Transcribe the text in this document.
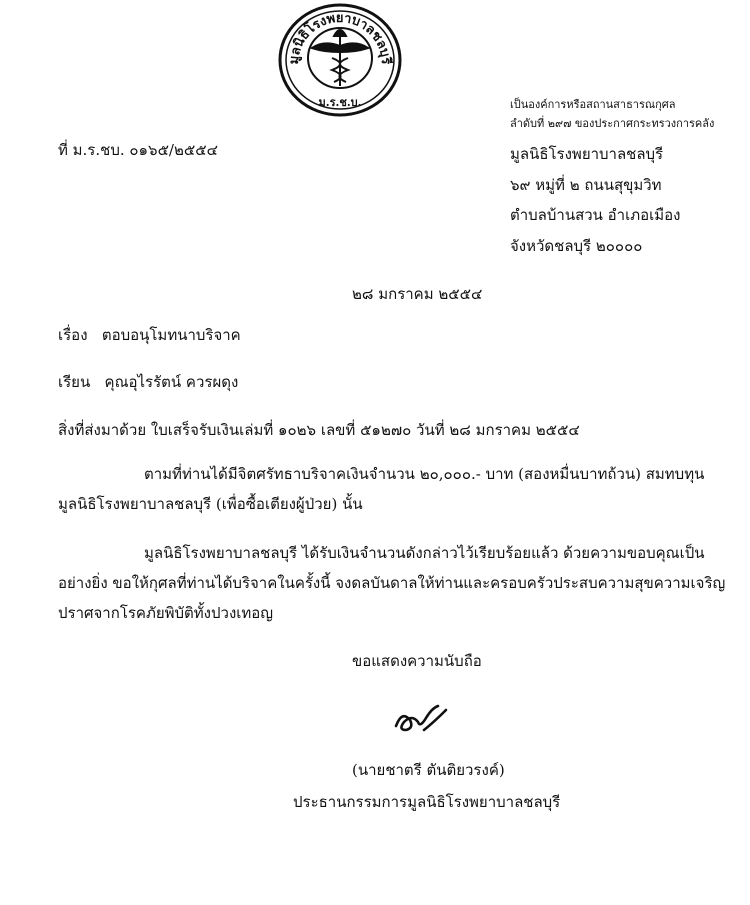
มูลนิธิโรงพยาบาลชลบุรี
ม.ร.ช.บ.	เป็นองค์การหรือสถานสาธารณกุศล
ลำดับที่ ๒๙๗ ของประกาศกระทรวงการคลัง
ที่ ม.ร.ชบ. ๐๑๖๕/๒๕๕๔	มูลนิธิโรงพยาบาลชลบุรี
๖๙ หมู่ที่ ๒ ถนนสุขุมวิท
ตำบลบ้านสวน อำเภอเมือง
จังหวัดชลบุรี ๒๐๐๐๐
๒๘ มกราคม ๒๕๕๔
เรื่อง ตอบอนุโมทนาบริจาค
เรียน คุณอุไรรัตน์ ควรผดุง
สิ่งที่ส่งมาด้วย ใบเสร็จรับเงินเล่มที่ ๑๐๒๖ เลขที่ ๕๑๒๗๐ วันที่ ๒๘ มกราคม ๒๕๕๔
ตามที่ท่านได้มีจิตศรัทธาบริจาคเงินจำนวน ๒๐,๐๐๐.- บาท (สองหมื่นบาทถ้วน) สมทบทุน
มูลนิธิโรงพยาบาลชลบุรี (เพื่อซื้อเตียงผู้ป่วย) นั้น
มูลนิธิโรงพยาบาลชลบุรี ได้รับเงินจำนวนดังกล่าวไว้เรียบร้อยแล้ว ด้วยความขอบคุณเป็น
อย่างยิ่ง ขอให้กุศลที่ท่านได้บริจาคในครั้งนี้ จงดลบันดาลให้ท่านและครอบครัวประสบความสุขความเจริญ
ปราศจากโรคภัยพิบัติทั้งปวงเทอญ
ขอแสดงความนับถือ
(นายชาตรี ตันติยวรงค์)
ประธานกรรมการมูลนิธิโรงพยาบาลชลบุรี
